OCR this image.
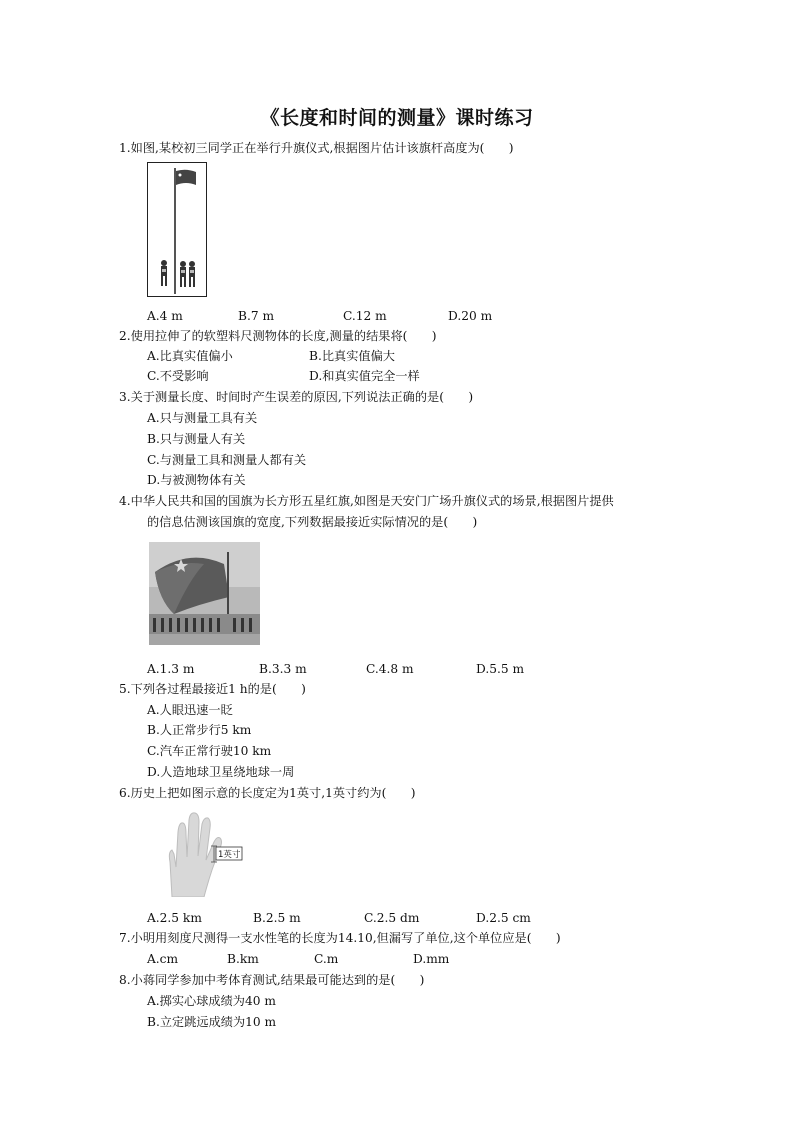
《长度和时间的测量》课时练习
1.如图,某校初三同学正在举行升旗仪式,根据图片估计该旗杆高度为(　　)
A.4 m	B.7 m	C.12 m	D.20 m
2.使用拉伸了的软塑料尺测物体的长度,测量的结果将(　　)
A.比真实值偏小	B.比真实值偏大
C.不受影响	D.和真实值完全一样
3.关于测量长度、时间时产生误差的原因,下列说法正确的是(　　)
A.只与测量工具有关
B.只与测量人有关
C.与测量工具和测量人都有关
D.与被测物体有关
4.中华人民共和国的国旗为长方形五星红旗,如图是天安门广场升旗仪式的场景,根据图片提供
的信息估测该国旗的宽度,下列数据最接近实际情况的是(　　)
A.1.3 m	B.3.3 m	C.4.8 m	D.5.5 m
5.下列各过程最接近1 h的是(　　)
A.人眼迅速一眨
B.人正常步行5 km
C.汽车正常行驶10 km
D.人造地球卫星绕地球一周
6.历史上把如图示意的长度定为1英寸,1英寸约为(　　)
1英寸
A.2.5 km	B.2.5 m	C.2.5 dm	D.2.5 cm
7.小明用刻度尺测得一支水性笔的长度为14.10,但漏写了单位,这个单位应是(　　)
A.cm	B.km	C.m	D.mm
8.小蒋同学参加中考体育测试,结果最可能达到的是(　　)
A.掷实心球成绩为40 m
B.立定跳远成绩为10 m
